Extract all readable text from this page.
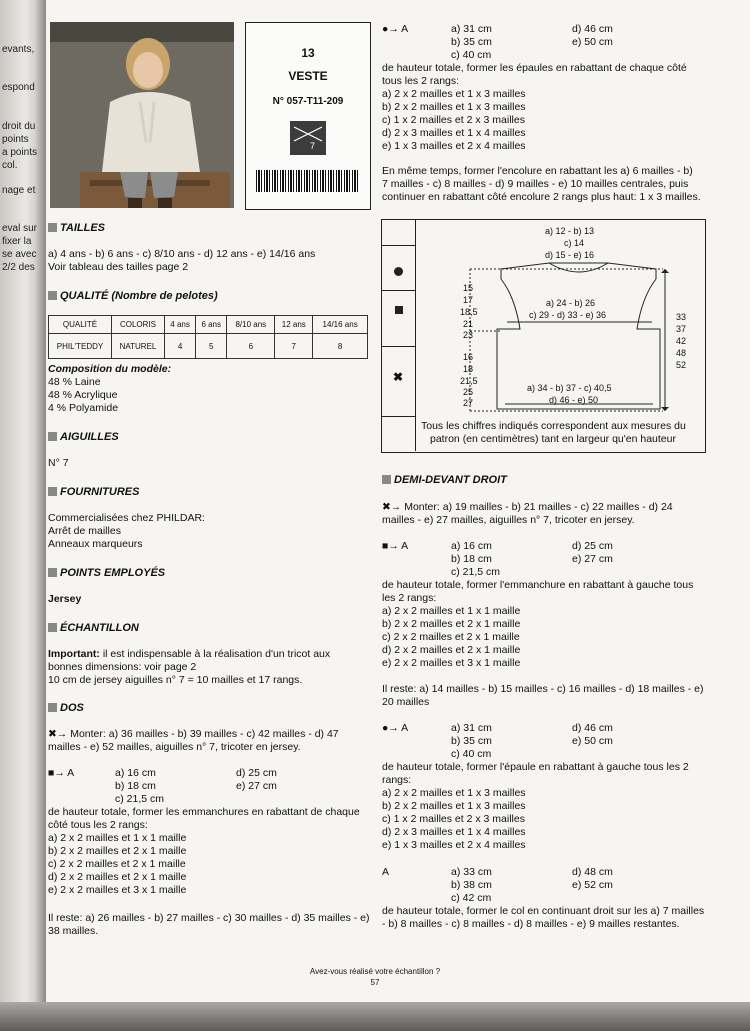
evants,
espond
droit du
points
a points
col.
nage et
eval sur
fixer la
se avec
2/2 des
13
VESTE
N° 057-T11-209
7
TAILLES
a) 4 ans - b) 6 ans - c) 8/10 ans - d) 12 ans - e) 14/16 ans
Voir tableau des tailles page 2
QUALITÉ (Nombre de pelotes)
QUALITÉ	COLORIS	4 ans	6 ans	8/10 ans	12 ans	14/16 ans
PHIL'TEDDY	NATUREL	4	5	6	7	8
Composition du modèle:
48 % Laine
48 % Acrylique
4 % Polyamide
AIGUILLES
N° 7
FOURNITURES
Commercialisées chez PHILDAR:
Arrêt de mailles
Anneaux marqueurs
POINTS EMPLOYÉS
Jersey
ÉCHANTILLON
Important: il est indispensable à la réalisation d'un tricot aux
bonnes dimensions: voir page 2
10 cm de jersey aiguilles n° 7 = 10 mailles et 17 rangs.
DOS
✖→ Monter: a) 36 mailles - b) 39 mailles - c) 42 mailles - d) 47
mailles - e) 52 mailles, aiguilles n° 7, tricoter en jersey.
■→ A	a) 16 cm
b) 18 cm
c) 21,5 cm
d) 25 cm
e) 27 cm
de hauteur totale, former les emmanchures en rabattant de chaque
côté tous les 2 rangs:
a) 2 x 2 mailles et 1 x 1 maille
b) 2 x 2 mailles et 2 x 1 maille
c) 2 x 2 mailles et 2 x 1 maille
d) 2 x 2 mailles et 2 x 1 maille
e) 2 x 2 mailles et 3 x 1 maille
Il reste: a) 26 mailles - b) 27 mailles - c) 30 mailles - d) 35 mailles - e)
38 mailles.
●→ A	a) 31 cm
b) 35 cm
c) 40 cm
d) 46 cm
e) 50 cm
de hauteur totale, former les épaules en rabattant de chaque côté
tous les 2 rangs:
a) 2 x 2 mailles et 1 x 3 mailles
b) 2 x 2 mailles et 1 x 3 mailles
c) 1 x 2 mailles et 2 x 3 mailles
d) 2 x 3 mailles et 1 x 4 mailles
e) 1 x 3 mailles et 2 x 4 mailles
En même temps, former l'encolure en rabattant les a) 6 mailles - b)
7 mailles - c) 8 mailles - d) 9 mailles - e) 10 mailles centrales, puis
continuer en rabattant côté encolure 2 rangs plus haut: 1 x 3 mailles.
✖
a) 12 - b) 13
c) 14
d) 15 - e) 16
a) 24 - b) 26
c) 29 - d) 33 - e) 36
a) 34 - b) 37 - c) 40,5
d) 46 - e) 50
15
17
18,5
21
23
16
18
21,5
25
27
33
37
42
48
52
Tous les chiffres indiqués correspondent aux mesures du
patron (en centimètres) tant en largeur qu'en hauteur
DEMI-DEVANT DROIT
✖→ Monter: a) 19 mailles - b) 21 mailles - c) 22 mailles - d) 24
mailles - e) 27 mailles, aiguilles n° 7, tricoter en jersey.
■→ A	a) 16 cm
b) 18 cm
c) 21,5 cm
d) 25 cm
e) 27 cm
de hauteur totale, former l'emmanchure en rabattant à gauche tous
les 2 rangs:
a) 2 x 2 mailles et 1 x 1 maille
b) 2 x 2 mailles et 2 x 1 maille
c) 2 x 2 mailles et 2 x 1 maille
d) 2 x 2 mailles et 2 x 1 maille
e) 2 x 2 mailles et 3 x 1 maille
Il reste: a) 14 mailles - b) 15 mailles - c) 16 mailles - d) 18 mailles - e)
20 mailles
●→ A	a) 31 cm
b) 35 cm
c) 40 cm
d) 46 cm
e) 50 cm
de hauteur totale, former l'épaule en rabattant à gauche tous les 2
rangs:
a) 2 x 2 mailles et 1 x 3 mailles
b) 2 x 2 mailles et 1 x 3 mailles
c) 1 x 2 mailles et 2 x 3 mailles
d) 2 x 3 mailles et 1 x 4 mailles
e) 1 x 3 mailles et 2 x 4 mailles
A	a) 33 cm
b) 38 cm
c) 42 cm
d) 48 cm
e) 52 cm
de hauteur totale, former le col en continuant droit sur les a) 7 mailles
- b) 8 mailles - c) 8 mailles - d) 8 mailles - e) 9 mailles restantes.
Avez-vous réalisé votre échantillon ?
57
